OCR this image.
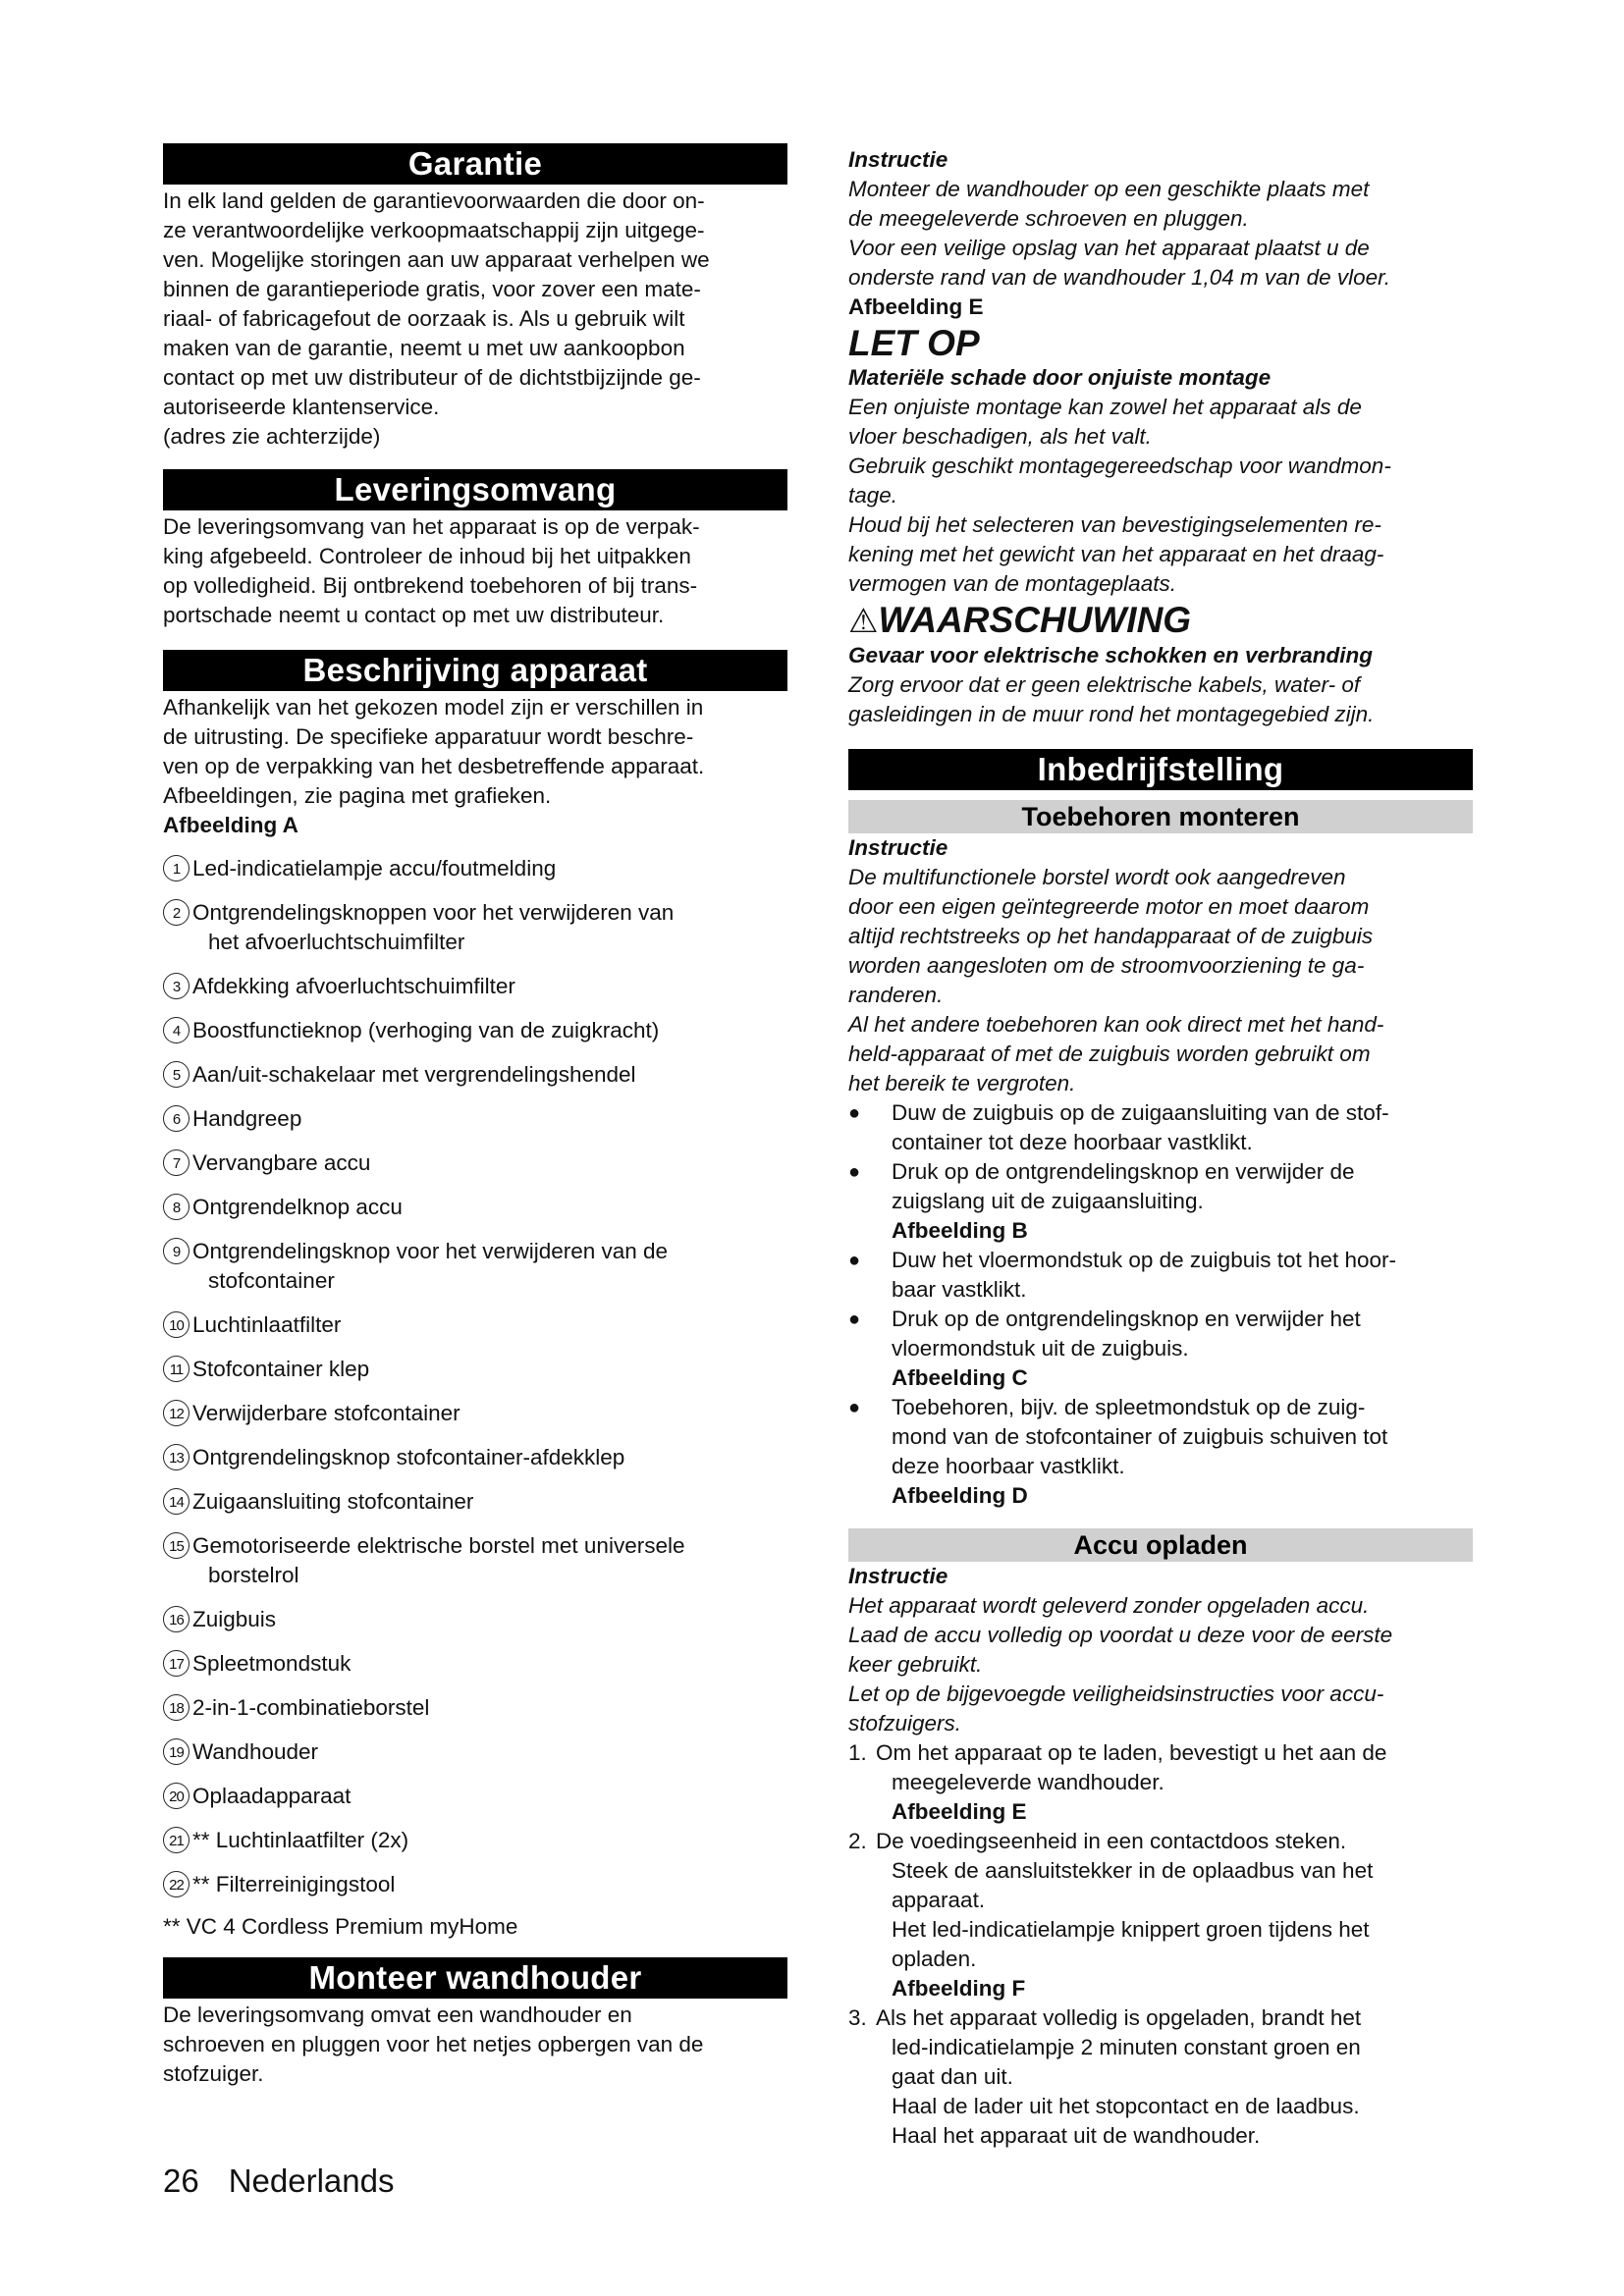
Garantie

In elk land gelden de garantievoorwaarden die door on-

ze verantwoordelijke verkoopmaatschappij zijn uitgege-

ven. Mogelijke storingen aan uw apparaat verhelpen we

binnen de garantieperiode gratis, voor zover een mate-

riaal- of fabricagefout de oorzaak is. Als u gebruik wilt

maken van de garantie, neemt u met uw aankoopbon

contact op met uw distributeur of de dichtstbijzijnde ge-

autoriseerde klantenservice.

(adres zie achterzijde)

Leveringsomvang

De leveringsomvang van het apparaat is op de verpak-

king afgebeeld. Controleer de inhoud bij het uitpakken

op volledigheid. Bij ontbrekend toebehoren of bij trans-

portschade neemt u contact op met uw distributeur.

Beschrijving apparaat

Afhankelijk van het gekozen model zijn er verschillen in

de uitrusting. De specifieke apparatuur wordt beschre-

ven op de verpakking van het desbetreffende apparaat.

Afbeeldingen, zie pagina met grafieken.

Afbeelding A

1 Led-indicatielampje accu/foutmelding
2 Ontgrendelingsknoppen voor het verwijderen van
het afvoerluchtschuimfilter
3 Afdekking afvoerluchtschuimfilter
4 Boostfunctieknop (verhoging van de zuigkracht)
5 Aan/uit-schakelaar met vergrendelingshendel
6 Handgreep
7 Vervangbare accu
8 Ontgrendelknop accu
9 Ontgrendelingsknop voor het verwijderen van de
stofcontainer
10 Luchtinlaatfilter
11 Stofcontainer klep
12 Verwijderbare stofcontainer
13 Ontgrendelingsknop stofcontainer-afdekklep
14 Zuigaansluiting stofcontainer
15 Gemotoriseerde elektrische borstel met universele
borstelrol
16 Zuigbuis
17 Spleetmondstuk
18 2-in-1-combinatieborstel
19 Wandhouder
20 Oplaadapparaat
21 ** Luchtinlaatfilter (2x)
22 ** Filterreinigingstool

** VC 4 Cordless Premium myHome

Monteer wandhouder

De leveringsomvang omvat een wandhouder en

schroeven en pluggen voor het netjes opbergen van de

stofzuiger.

Instructie

Monteer de wandhouder op een geschikte plaats met

de meegeleverde schroeven en pluggen.

Voor een veilige opslag van het apparaat plaatst u de

onderste rand van de wandhouder 1,04 m van de vloer.

Afbeelding E

LET OP

Materiële schade door onjuiste montage

Een onjuiste montage kan zowel het apparaat als de

vloer beschadigen, als het valt.

Gebruik geschikt montagegereedschap voor wandmon-

tage.

Houd bij het selecteren van bevestigingselementen re-

kening met het gewicht van het apparaat en het draag-

vermogen van de montageplaats.

⚠WAARSCHUWING

Gevaar voor elektrische schokken en verbranding

Zorg ervoor dat er geen elektrische kabels, water- of

gasleidingen in de muur rond het montagegebied zijn.

Inbedrijfstelling
Toebehoren monteren

Instructie

De multifunctionele borstel wordt ook aangedreven

door een eigen geïntegreerde motor en moet daarom

altijd rechtstreeks op het handapparaat of de zuigbuis

worden aangesloten om de stroomvoorziening te ga-

randeren.

Al het andere toebehoren kan ook direct met het hand-

held-apparaat of met de zuigbuis worden gebruikt om

het bereik te vergroten.

●	Duw de zuigbuis op de zuigaansluiting van de stof-
container tot deze hoorbaar vastklikt.
●	Druk op de ontgrendelingsknop en verwijder de
zuigslang uit de zuigaansluiting.
Afbeelding B
●	Duw het vloermondstuk op de zuigbuis tot het hoor-
baar vastklikt.
●	Druk op de ontgrendelingsknop en verwijder het
vloermondstuk uit de zuigbuis.
Afbeelding C
●	Toebehoren, bijv. de spleetmondstuk op de zuig-
mond van de stofcontainer of zuigbuis schuiven tot
deze hoorbaar vastklikt.
Afbeelding D
Accu opladen

Instructie

Het apparaat wordt geleverd zonder opgeladen accu.

Laad de accu volledig op voordat u deze voor de eerste

keer gebruikt.

Let op de bijgevoegde veiligheidsinstructies voor accu-

stofzuigers.

1. Om het apparaat op te laden, bevestigt u het aan de
meegeleverde wandhouder.
Afbeelding E
2. De voedingseenheid in een contactdoos steken.
Steek de aansluitstekker in de oplaadbus van het
apparaat.
Het led-indicatielampje knippert groen tijdens het
opladen.
Afbeelding F
3. Als het apparaat volledig is opgeladen, brandt het
led-indicatielampje 2 minuten constant groen en
gaat dan uit.
Haal de lader uit het stopcontact en de laadbus.
Haal het apparaat uit de wandhouder.
26 Nederlands
